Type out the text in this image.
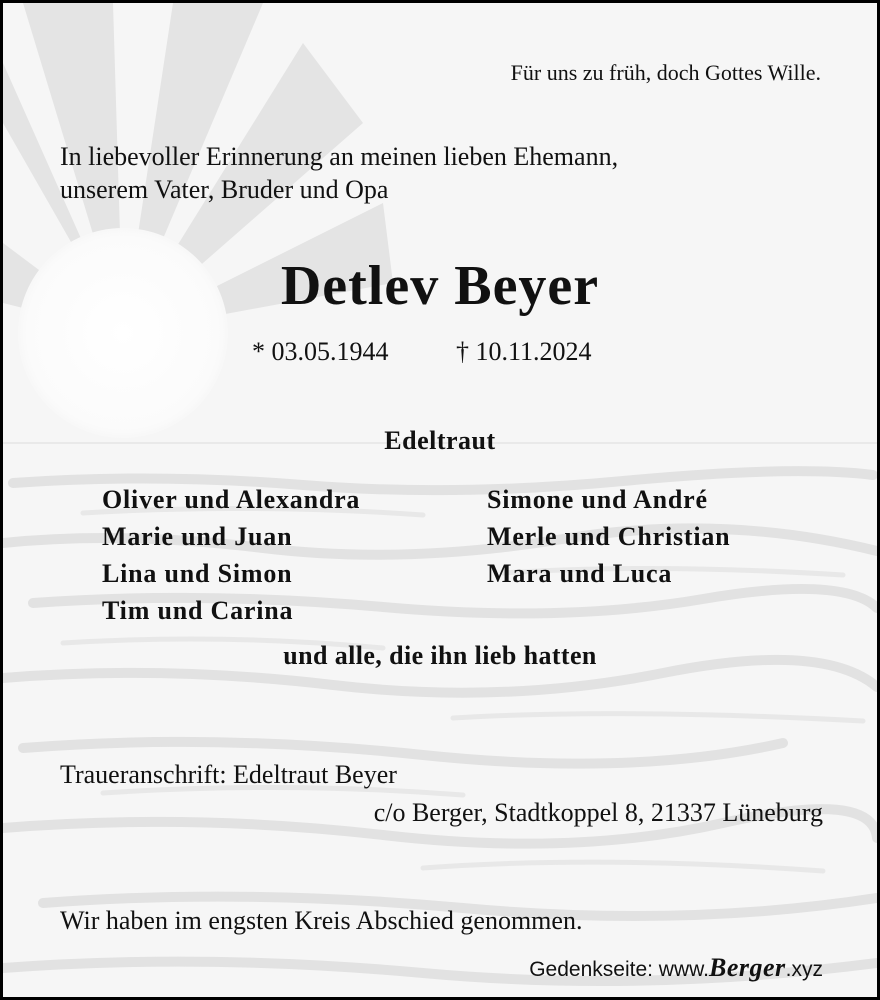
Für uns zu früh, doch Gottes Wille.

In liebevoller Erinnerung an meinen lieben Ehemann,
unserem Vater, Bruder und Opa
Detlev Beyer
* 03.05.1944	† 10.11.2024

Edeltraut

Oliver und Alexandra
Marie und Juan
Lina und Simon
Tim und Carina
Simone und André
Merle und Christian
Mara und Luca

und alle, die ihn lieb hatten

Traueranschrift: Edeltraut Beyer

c/o Berger, Stadtkoppel 8, 21337 Lüneburg

Wir haben im engsten Kreis Abschied genommen.

Gedenkseite: www.Berger.xyz
